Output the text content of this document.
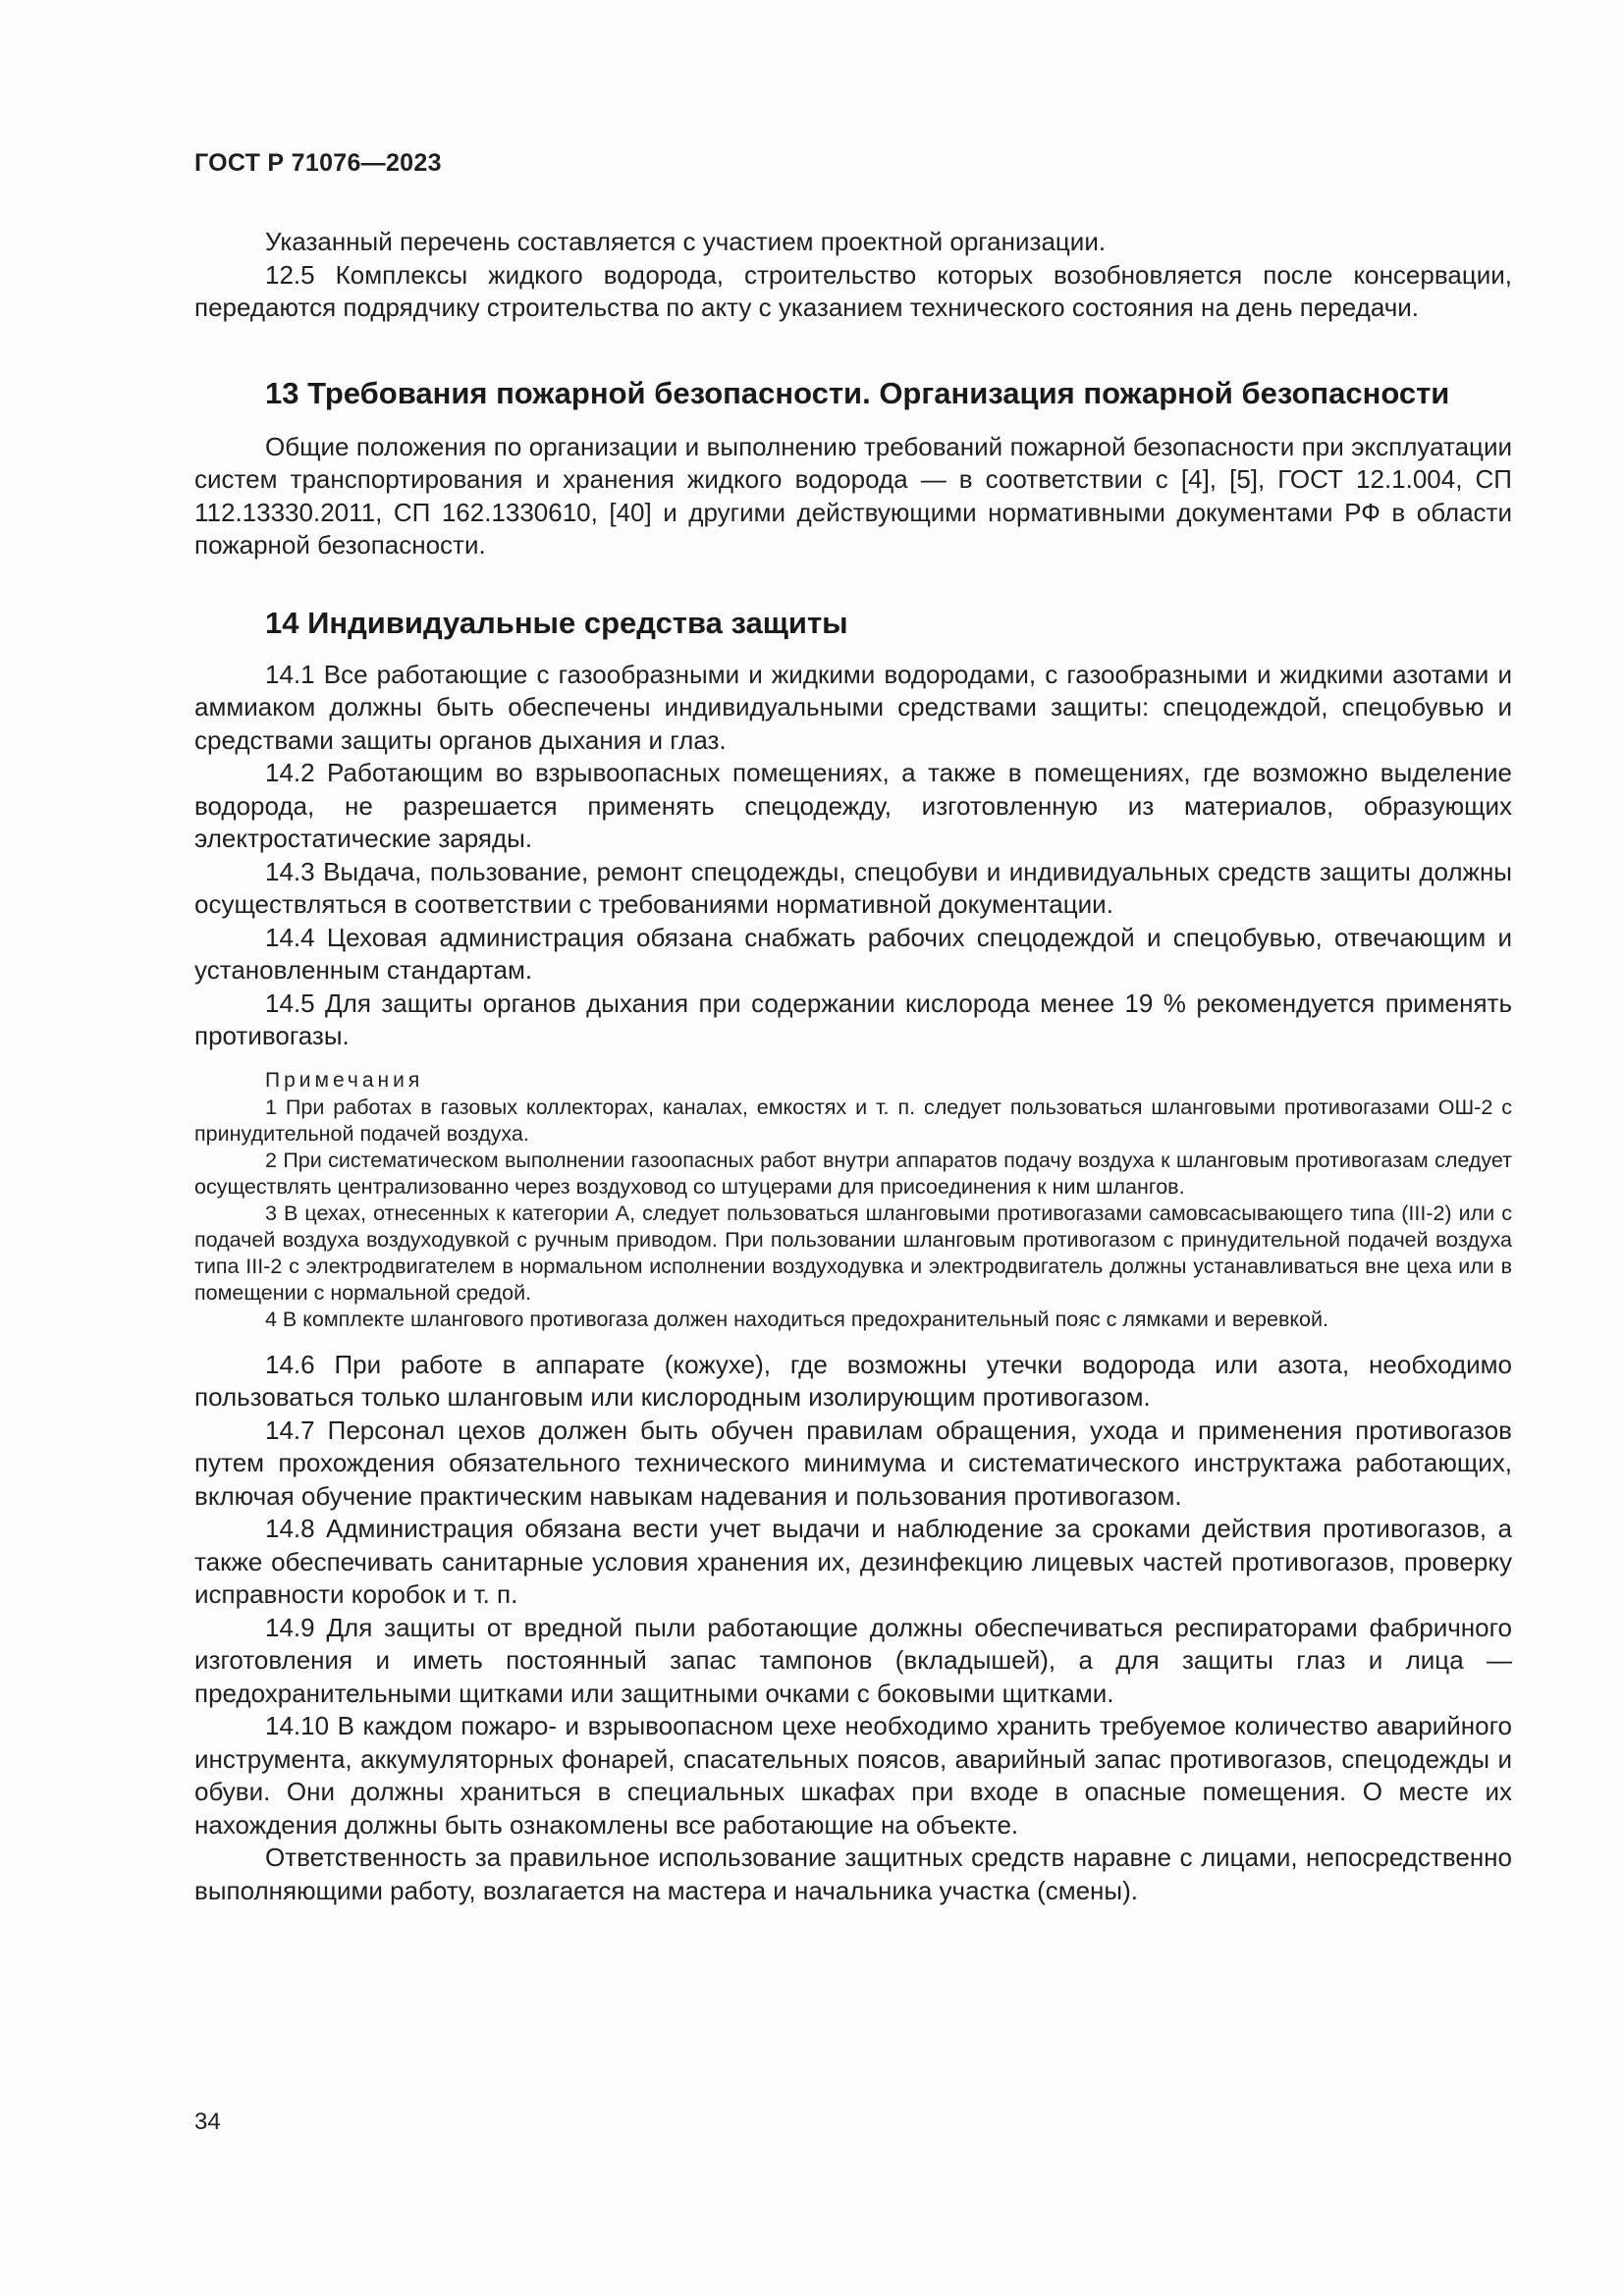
ГОСТ Р 71076—2023

Указанный перечень составляется с участием проектной организации.

12.5 Комплексы жидкого водорода, строительство которых возобновляется после консервации, передаются подрядчику строительства по акту с указанием технического состояния на день передачи.

13 Требования пожарной безопасности. Организация пожарной безопасности

Общие положения по организации и выполнению требований пожарной безопасности при эксплуатации систем транспортирования и хранения жидкого водорода — в соответствии с [4], [5], ГОСТ 12.1.004, СП 112.13330.2011, СП 162.1330610, [40] и другими действующими нормативными документами РФ в области пожарной безопасности.

14 Индивидуальные средства защиты

14.1 Все работающие с газообразными и жидкими водородами, с газообразными и жидкими азотами и аммиаком должны быть обеспечены индивидуальными средствами защиты: спецодеждой, спецобувью и средствами защиты органов дыхания и глаз.

14.2 Работающим во взрывоопасных помещениях, а также в помещениях, где возможно выделение водорода, не разрешается применять спецодежду, изготовленную из материалов, образующих электростатические заряды.

14.3 Выдача, пользование, ремонт спецодежды, спецобуви и индивидуальных средств защиты должны осуществляться в соответствии с требованиями нормативной документации.

14.4 Цеховая администрация обязана снабжать рабочих спецодеждой и спецобувью, отвечающим и установленным стандартам.

14.5 Для защиты органов дыхания при содержании кислорода менее 19 % рекомендуется применять противогазы.

Примечания
1 При работах в газовых коллекторах, каналах, емкостях и т. п. следует пользоваться шланговыми противогазами ОШ-2 с принудительной подачей воздуха.
2 При систематическом выполнении газоопасных работ внутри аппаратов подачу воздуха к шланговым противогазам следует осуществлять централизованно через воздуховод со штуцерами для присоединения к ним шлангов.
3 В цехах, отнесенных к категории А, следует пользоваться шланговыми противогазами самовсасывающего типа (III-2) или с подачей воздуха воздуходувкой с ручным приводом. При пользовании шланговым противогазом с принудительной подачей воздуха типа III-2 с электродвигателем в нормальном исполнении воздуходувка и электродвигатель должны устанавливаться вне цеха или в помещении с нормальной средой.
4 В комплекте шлангового противогаза должен находиться предохранительный пояс с лямками и веревкой.

14.6 При работе в аппарате (кожухе), где возможны утечки водорода или азота, необходимо пользоваться только шланговым или кислородным изолирующим противогазом.

14.7 Персонал цехов должен быть обучен правилам обращения, ухода и применения противогазов путем прохождения обязательного технического минимума и систематического инструктажа работающих, включая обучение практическим навыкам надевания и пользования противогазом.

14.8 Администрация обязана вести учет выдачи и наблюдение за сроками действия противогазов, а также обеспечивать санитарные условия хранения их, дезинфекцию лицевых частей противогазов, проверку исправности коробок и т. п.

14.9 Для защиты от вредной пыли работающие должны обеспечиваться респираторами фабричного изготовления и иметь постоянный запас тампонов (вкладышей), а для защиты глаз и лица — предохранительными щитками или защитными очками с боковыми щитками.

14.10 В каждом пожаро- и взрывоопасном цехе необходимо хранить требуемое количество аварийного инструмента, аккумуляторных фонарей, спасательных поясов, аварийный запас противогазов, спецодежды и обуви. Они должны храниться в специальных шкафах при входе в опасные помещения. О месте их нахождения должны быть ознакомлены все работающие на объекте.

Ответственность за правильное использование защитных средств наравне с лицами, непосредственно выполняющими работу, возлагается на мастера и начальника участка (смены).

34
